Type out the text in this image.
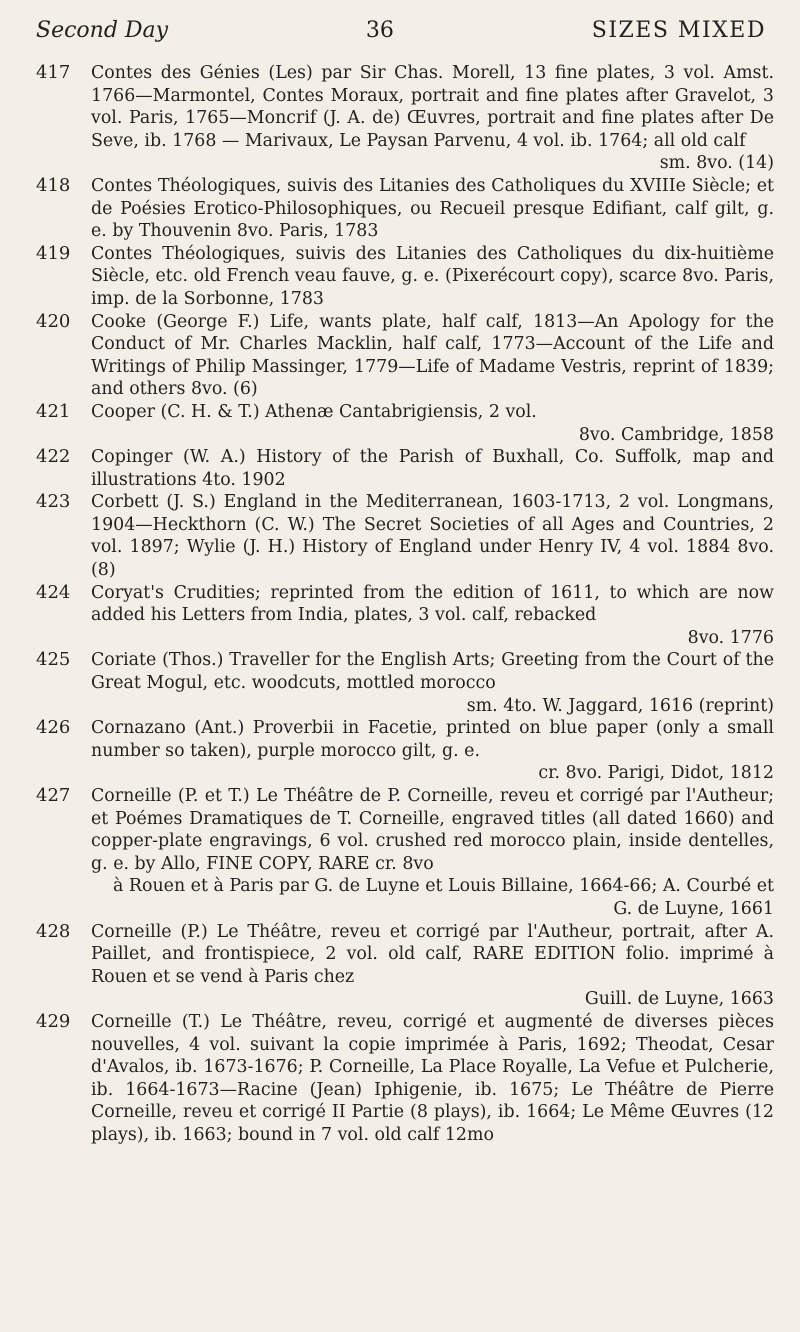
Second Day	36	SIZES MIXED
417	Contes des Génies (Les) par Sir Chas. Morell, 13 fine plates, 3 vol. Amst. 1766—Marmontel, Contes Moraux, portrait and fine plates after Gravelot, 3 vol. Paris, 1765—Moncrif (J. A. de) Œuvres, portrait and fine plates after De Seve, ib. 1768 — Marivaux, Le Paysan Parvenu, 4 vol. ib. 1764; all old calf

sm. 8vo. (14)

418	Contes Théologiques, suivis des Litanies des Catholiques du XVIIIe Siècle; et de Poésies Erotico-Philosophiques, ou Recueil presque Edifiant, calf gilt, g. e. by Thouvenin 8vo. Paris, 1783

419	Contes Théologiques, suivis des Litanies des Catholiques du dix-huitième Siècle, etc. old French veau fauve, g. e. (Pixerécourt copy), scarce 8vo. Paris, imp. de la Sorbonne, 1783

420	Cooke (George F.) Life, wants plate, half calf, 1813—An Apology for the Conduct of Mr. Charles Macklin, half calf, 1773—Account of the Life and Writings of Philip Massinger, 1779—Life of Madame Vestris, reprint of 1839; and others 8vo. (6)

421	Cooper (C. H. & T.) Athenæ Cantabrigiensis, 2 vol.

8vo. Cambridge, 1858

422	Copinger (W. A.) History of the Parish of Buxhall, Co. Suffolk, map and illustrations 4to. 1902

423	Corbett (J. S.) England in the Mediterranean, 1603-1713, 2 vol. Longmans, 1904—Heckthorn (C. W.) The Secret Societies of all Ages and Countries, 2 vol. 1897; Wylie (J. H.) History of England under Henry IV, 4 vol. 1884 8vo. (8)

424	Coryat's Crudities; reprinted from the edition of 1611, to which are now added his Letters from India, plates, 3 vol. calf, rebacked

8vo. 1776

425	Coriate (Thos.) Traveller for the English Arts; Greeting from the Court of the Great Mogul, etc. woodcuts, mottled morocco

sm. 4to. W. Jaggard, 1616 (reprint)

426	Cornazano (Ant.) Proverbii in Facetie, printed on blue paper (only a small number so taken), purple morocco gilt, g. e.

cr. 8vo. Parigi, Didot, 1812

427	Corneille (P. et T.) Le Théâtre de P. Corneille, reveu et corrigé par l'Autheur; et Poémes Dramatiques de T. Corneille, engraved titles (all dated 1660) and copper-plate engravings, 6 vol. crushed red morocco plain, inside dentelles, g. e. by Allo, FINE COPY, RARE cr. 8vo

à Rouen et à Paris par G. de Luyne et Louis Billaine, 1664-66; A. Courbé et G. de Luyne, 1661

428	Corneille (P.) Le Théâtre, reveu et corrigé par l'Autheur, portrait, after A. Paillet, and frontispiece, 2 vol. old calf, RARE EDITION folio. imprimé à Rouen et se vend à Paris chez

Guill. de Luyne, 1663

429	Corneille (T.) Le Théâtre, reveu, corrigé et augmenté de diverses pièces nouvelles, 4 vol. suivant la copie imprimée à Paris, 1692; Theodat, Cesar d'Avalos, ib. 1673-1676; P. Corneille, La Place Royalle, La Vefue et Pulcherie, ib. 1664-1673—Racine (Jean) Iphigenie, ib. 1675; Le Théâtre de Pierre Corneille, reveu et corrigé II Partie (8 plays), ib. 1664; Le Même Œuvres (12 plays), ib. 1663; bound in 7 vol. old calf 12mo
